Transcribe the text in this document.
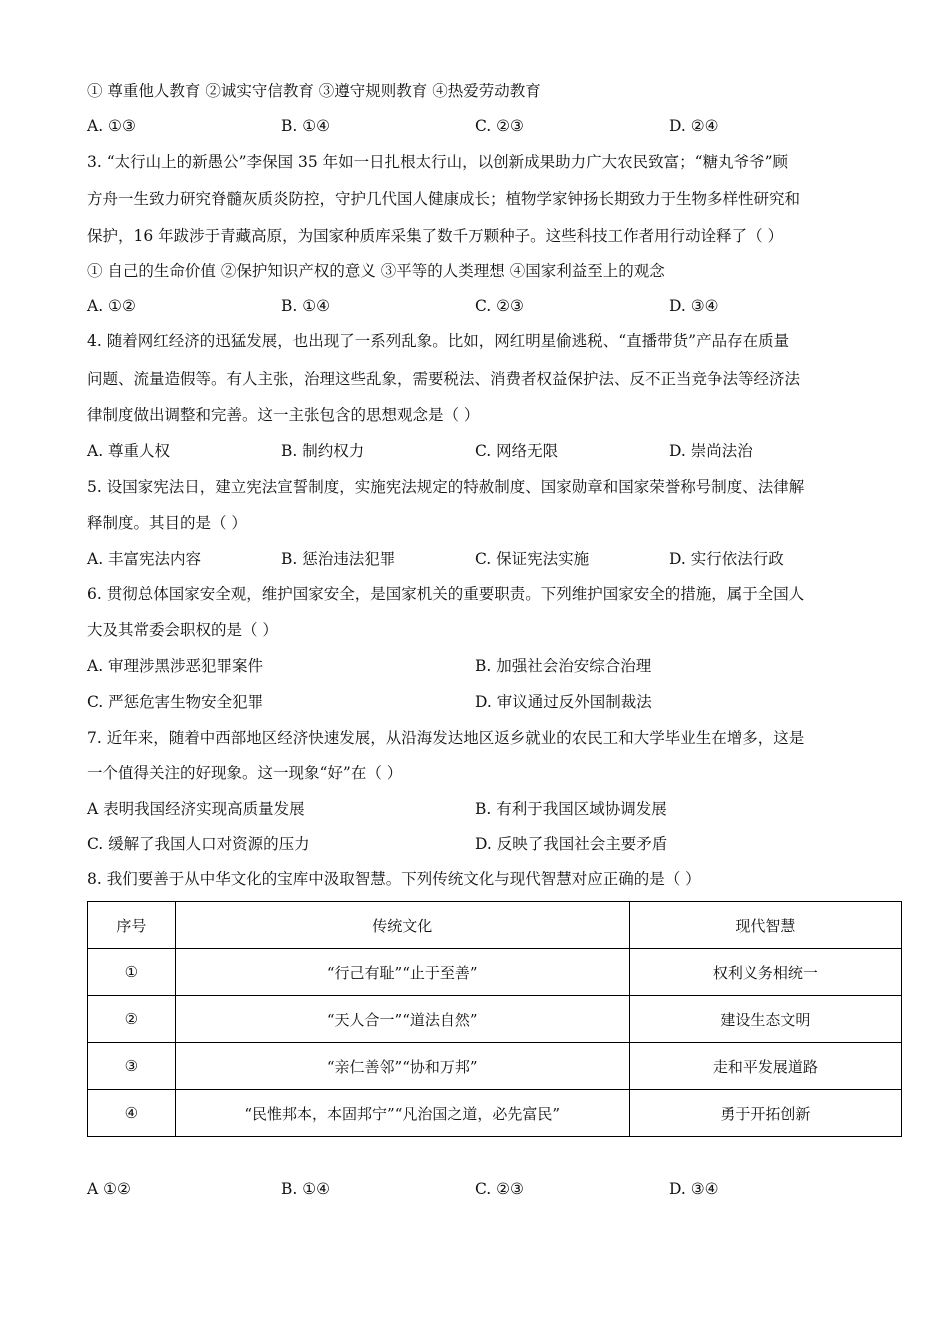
① 尊重他人教育 ②诚实守信教育 ③遵守规则教育 ④热爱劳动教育
A. ①③	B. ①④	C. ②③	D. ②④
3. “太行山上的新愚公”李保国 35 年如一日扎根太行山，以创新成果助力广大农民致富；“糖丸爷爷”顾
方舟一生致力研究脊髓灰质炎防控，守护几代国人健康成长；植物学家钟扬长期致力于生物多样性研究和
保护，16 年跋涉于青藏高原，为国家种质库采集了数千万颗种子。这些科技工作者用行动诠释了（ ）
① 自己的生命价值 ②保护知识产权的意义 ③平等的人类理想 ④国家利益至上的观念
A. ①②	B. ①④	C. ②③	D. ③④
4. 随着网红经济的迅猛发展，也出现了一系列乱象。比如，网红明星偷逃税、“直播带货”产品存在质量
问题、流量造假等。有人主张，治理这些乱象，需要税法、消费者权益保护法、反不正当竞争法等经济法
律制度做出调整和完善。这一主张包含的思想观念是（ ）
A. 尊重人权	B. 制约权力	C. 网络无限	D. 崇尚法治
5. 设国家宪法日，建立宪法宣誓制度，实施宪法规定的特赦制度、国家勋章和国家荣誉称号制度、法律解
释制度。其目的是（ ）
A. 丰富宪法内容	B. 惩治违法犯罪	C. 保证宪法实施	D. 实行依法行政
6. 贯彻总体国家安全观，维护国家安全，是国家机关的重要职责。下列维护国家安全的措施，属于全国人
大及其常委会职权的是（ ）
A. 审理涉黑涉恶犯罪案件	B. 加强社会治安综合治理
C. 严惩危害生物安全犯罪	D. 审议通过反外国制裁法
7. 近年来，随着中西部地区经济快速发展，从沿海发达地区返乡就业的农民工和大学毕业生在增多，这是
一个值得关注的好现象。这一现象“好”在（ ）
A 表明我国经济实现高质量发展	B. 有利于我国区域协调发展
C. 缓解了我国人口对资源的压力	D. 反映了我国社会主要矛盾
8. 我们要善于从中华文化的宝库中汲取智慧。下列传统文化与现代智慧对应正确的是（ ）
序号	传统文化	现代智慧
①	“行己有耻”“止于至善”	权利义务相统一
②	“天人合一”“道法自然”	建设生态文明
③	“亲仁善邻”“协和万邦”	走和平发展道路
④	“民惟邦本，本固邦宁”“凡治国之道，必先富民”	勇于开拓创新
A ①②	B. ①④	C. ②③	D. ③④
